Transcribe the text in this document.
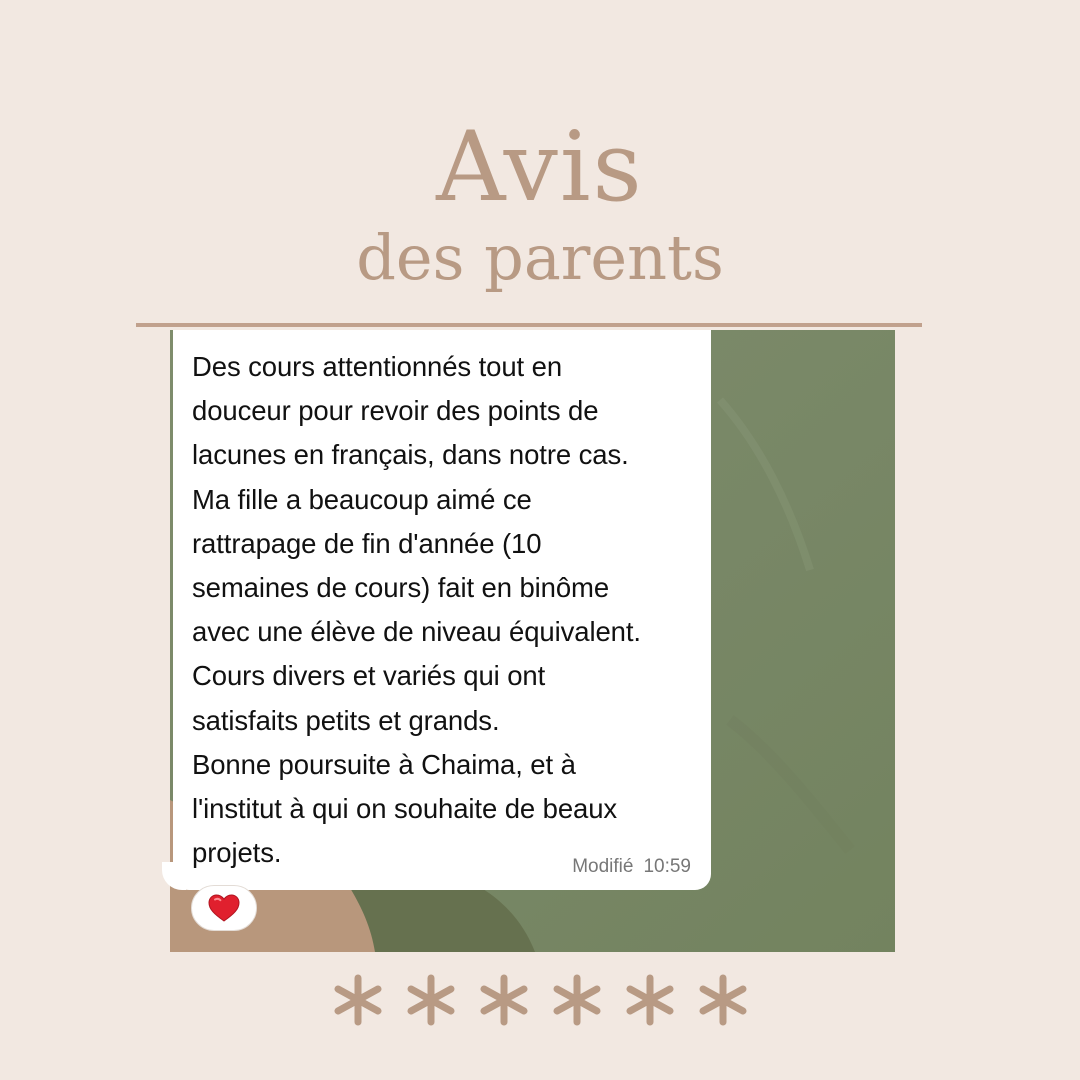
Avis
des parents

Des cours attentionnés tout en
douceur pour revoir des points de
lacunes en français, dans notre cas.
Ma fille a beaucoup aimé ce
rattrapage de fin d'année (10
semaines de cours) fait en binôme
avec une élève de niveau équivalent.
Cours divers et variés qui ont
satisfaits petits et grands.
Bonne poursuite à Chaima, et à
l'institut à qui on souhaite de beaux
projets.	Modifié 10:59
